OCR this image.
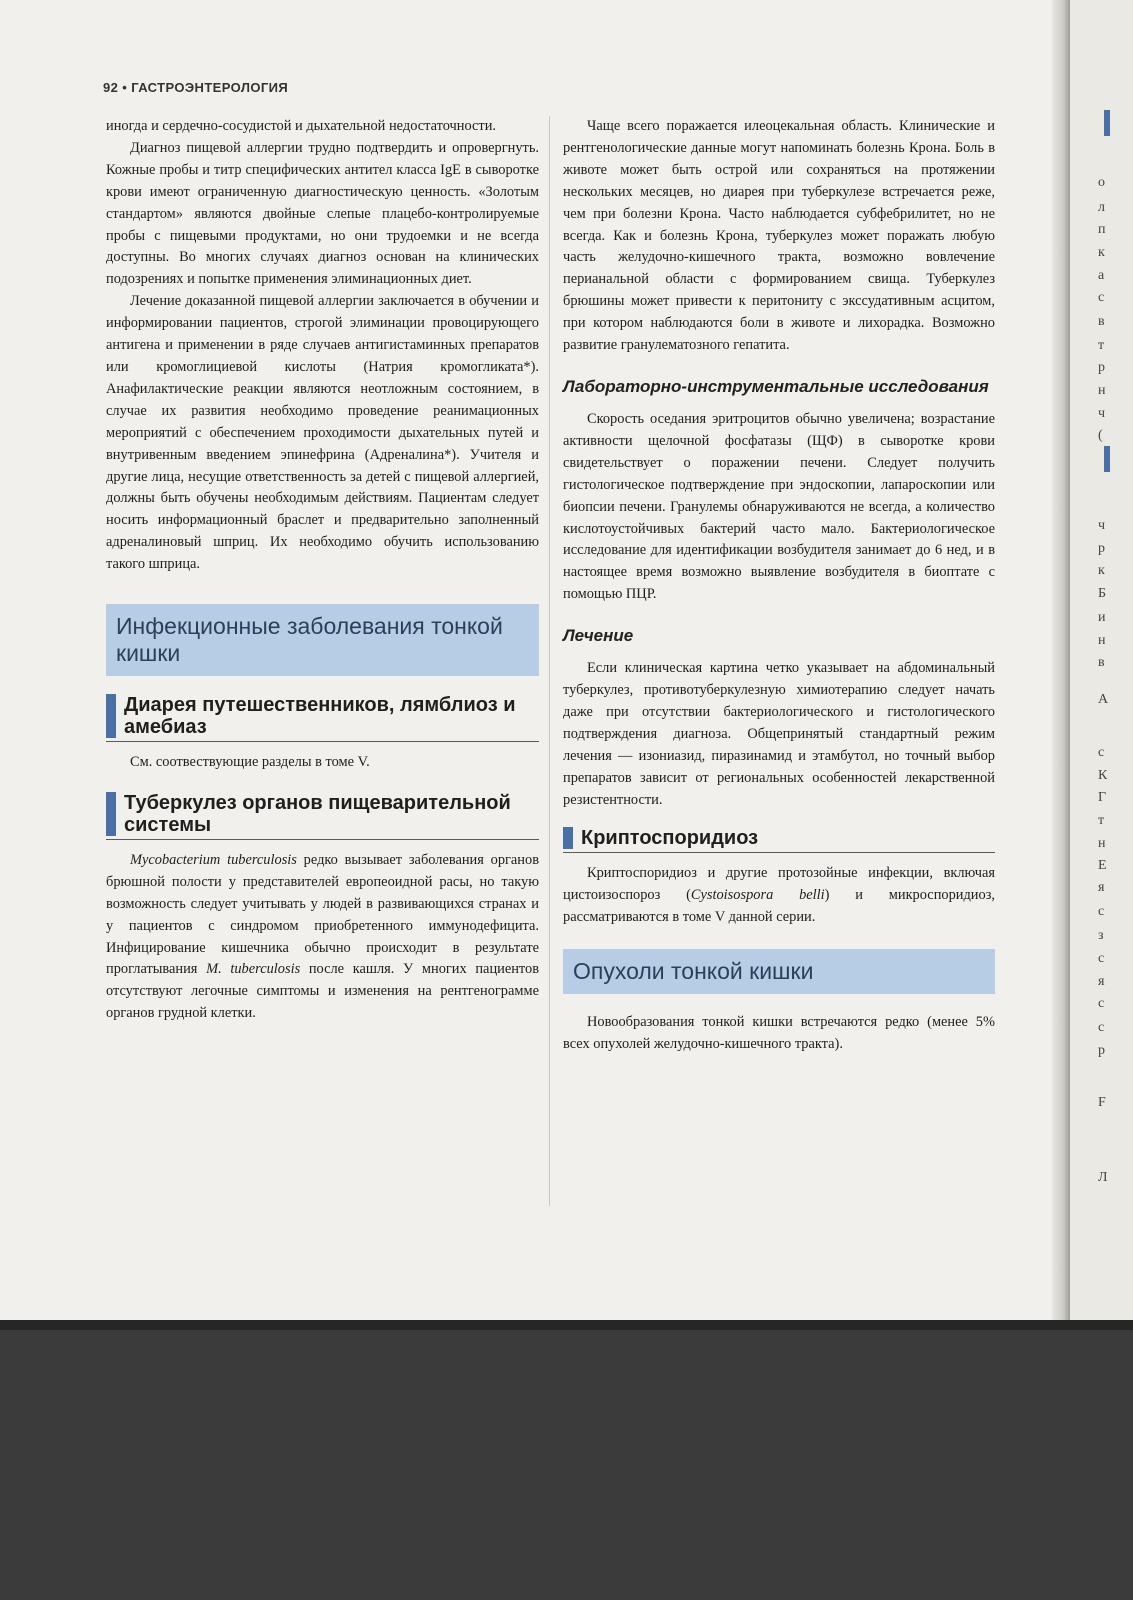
92 • ГАСТРОЭНТЕРОЛОГИЯ

иногда и сердечно-сосудистой и дыхательной недостаточности.

Диагноз пищевой аллергии трудно подтвердить и опровергнуть. Кожные пробы и титр специфических антител класса IgE в сыворотке крови имеют ограниченную диагностическую ценность. «Золотым стандартом» являются двойные слепые плацебо-контролируемые пробы с пищевыми продуктами, но они трудоемки и не всегда доступны. Во многих случаях диагноз основан на клинических подозрениях и попытке применения элиминационных диет.

Лечение доказанной пищевой аллергии заключается в обучении и информировании пациентов, строгой элиминации провоцирующего антигена и применении в ряде случаев антигистаминных препаратов или кромоглициевой кислоты (Натрия кромогликата*). Анафилактические реакции являются неотложным состоянием, в случае их развития необходимо проведение реанимационных мероприятий с обеспечением проходимости дыхательных путей и внутривенным введением эпинефрина (Адреналина*). Учителя и другие лица, несущие ответственность за детей с пищевой аллергией, должны быть обучены необходимым действиям. Пациентам следует носить информационный браслет и предварительно заполненный адреналиновый шприц. Их необходимо обучить использованию такого шприца.

Инфекционные заболевания тонкой кишки
Диарея путешественников, лямблиоз и амебиаз

См. соотвествующие разделы в томе V.

Туберкулез органов пищеварительной системы

Mycobacterium tuberculosis редко вызывает заболевания органов брюшной полости у представителей европеоидной расы, но такую возможность следует учитывать у людей в развивающихся странах и у пациентов с синдромом приобретенного иммунодефицита. Инфицирование кишечника обычно происходит в результате проглатывания M. tuberculosis после кашля. У многих пациентов отсутствуют легочные симптомы и изменения на рентгенограмме органов грудной клетки.

Чаще всего поражается илеоцекальная область. Клинические и рентгенологические данные могут напоминать болезнь Крона. Боль в животе может быть острой или сохраняться на протяжении нескольких месяцев, но диарея при туберкулезе встречается реже, чем при болезни Крона. Часто наблюдается субфебрилитет, но не всегда. Как и болезнь Крона, туберкулез может поражать любую часть желудочно-кишечного тракта, возможно вовлечение перианальной области с формированием свища. Туберкулез брюшины может привести к перитониту с экссудативным асцитом, при котором наблюдаются боли в животе и лихорадка. Возможно развитие гранулематозного гепатита.

Лабораторно-инструментальные исследования

Скорость оседания эритроцитов обычно увеличена; возрастание активности щелочной фосфатазы (ЩФ) в сыворотке крови свидетельствует о поражении печени. Следует получить гистологическое подтверждение при эндоскопии, лапароскопии или биопсии печени. Гранулемы обнаруживаются не всегда, а количество кислотоустойчивых бактерий часто мало. Бактериологическое исследование для идентификации возбудителя занимает до 6 нед, и в настоящее время возможно выявление возбудителя в биоптате с помощью ПЦР.

Лечение

Если клиническая картина четко указывает на абдоминальный туберкулез, противотуберкулезную химиотерапию следует начать даже при отсутствии бактериологического и гистологического подтверждения диагноза. Общепринятый стандартный режим лечения — изониазид, пиразинамид и этамбутол, но точный выбор препаратов зависит от региональных особенностей лекарственной резистентности.

Криптоспоридиоз

Криптоспоридиоз и другие протозойные инфекции, включая цистоизоспороз (Cystoisospora belli) и микроспоридиоз, рассматриваются в томе V данной серии.

Опухоли тонкой кишки

Новообразования тонкой кишки встречаются редко (менее 5% всех опухолей желудочно-кишечного тракта).

о
л
п
к
а
с
в
т
р
н
ч
(
ч
р
к
Б
и
н
в
А
с
К
Г
т
н
Е
я
с
з
с
я
с
с
р
F
Л
